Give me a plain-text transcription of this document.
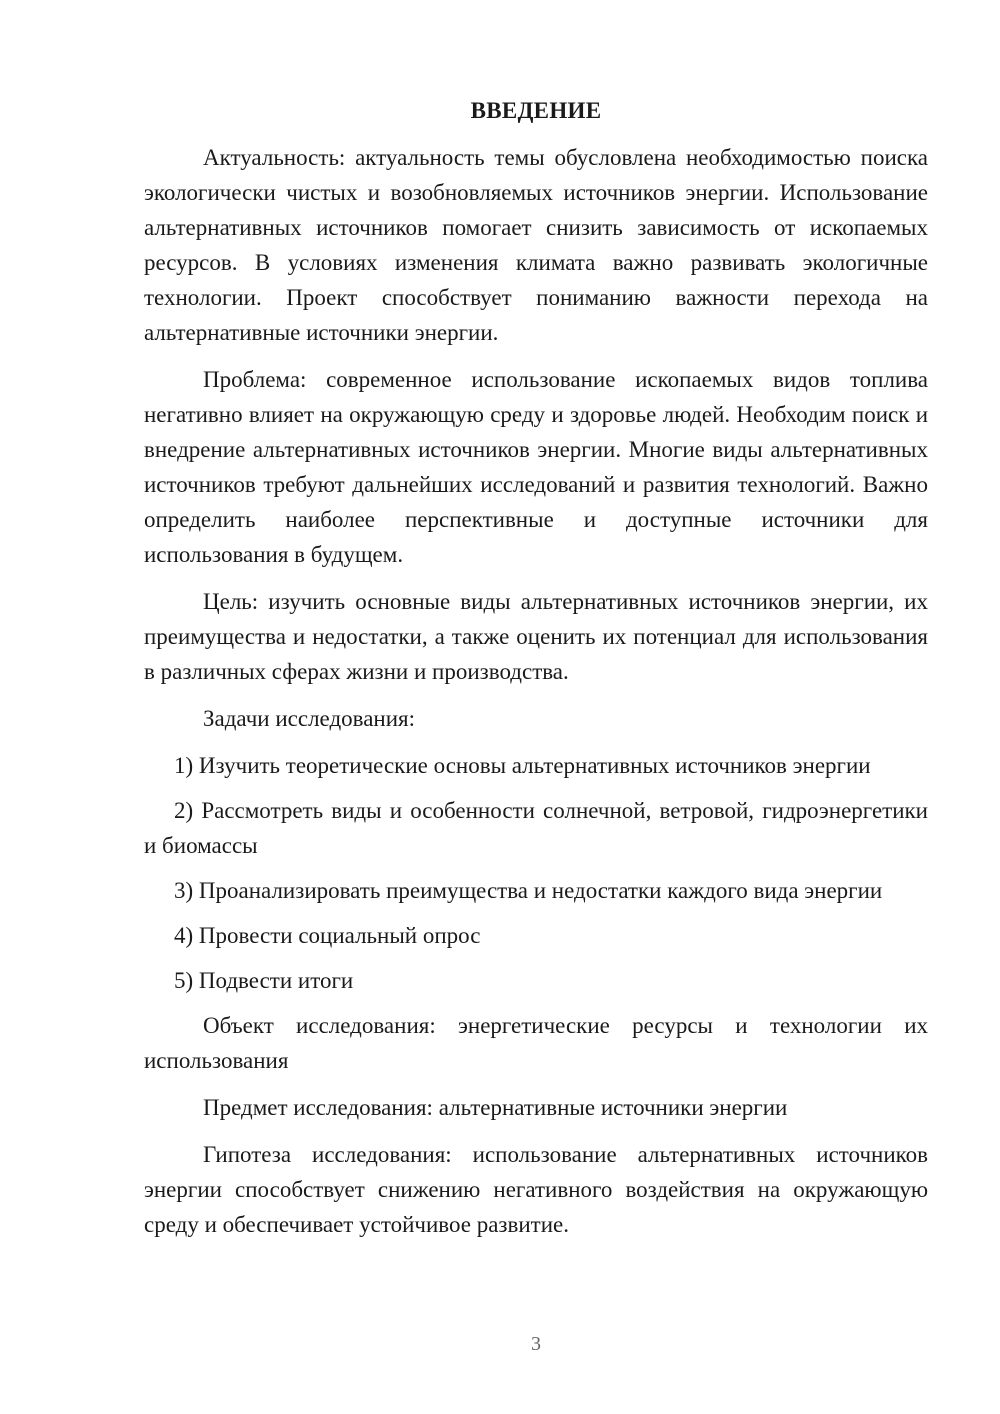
ВВЕДЕНИЕ

Актуальность: актуальность темы обусловлена необходимостью поиска экологически чистых и возобновляемых источников энергии. Использование альтернативных источников помогает снизить зависимость от ископаемых ресурсов. В условиях изменения климата важно развивать экологичные технологии. Проект способствует пониманию важности перехода на альтернативные источники энергии.

Проблема: современное использование ископаемых видов топлива негативно влияет на окружающую среду и здоровье людей. Необходим поиск и внедрение альтернативных источников энергии. Многие виды альтернативных источников требуют дальнейших исследований и развития технологий. Важно определить наиболее перспективные и доступные источники для использования в будущем.

Цель: изучить основные виды альтернативных источников энергии, их преимущества и недостатки, а также оценить их потенциал для использования в различных сферах жизни и производства.

Задачи исследования:

1) Изучить теоретические основы альтернативных источников энергии

2) Рассмотреть виды и особенности солнечной, ветровой, гидроэнергетики и биомассы

3) Проанализировать преимущества и недостатки каждого вида энергии

4) Провести социальный опрос

5) Подвести итоги

Объект исследования: энергетические ресурсы и технологии их использования

Предмет исследования: альтернативные источники энергии

Гипотеза исследования: использование альтернативных источников энергии способствует снижению негативного воздействия на окружающую среду и обеспечивает устойчивое развитие.

3
